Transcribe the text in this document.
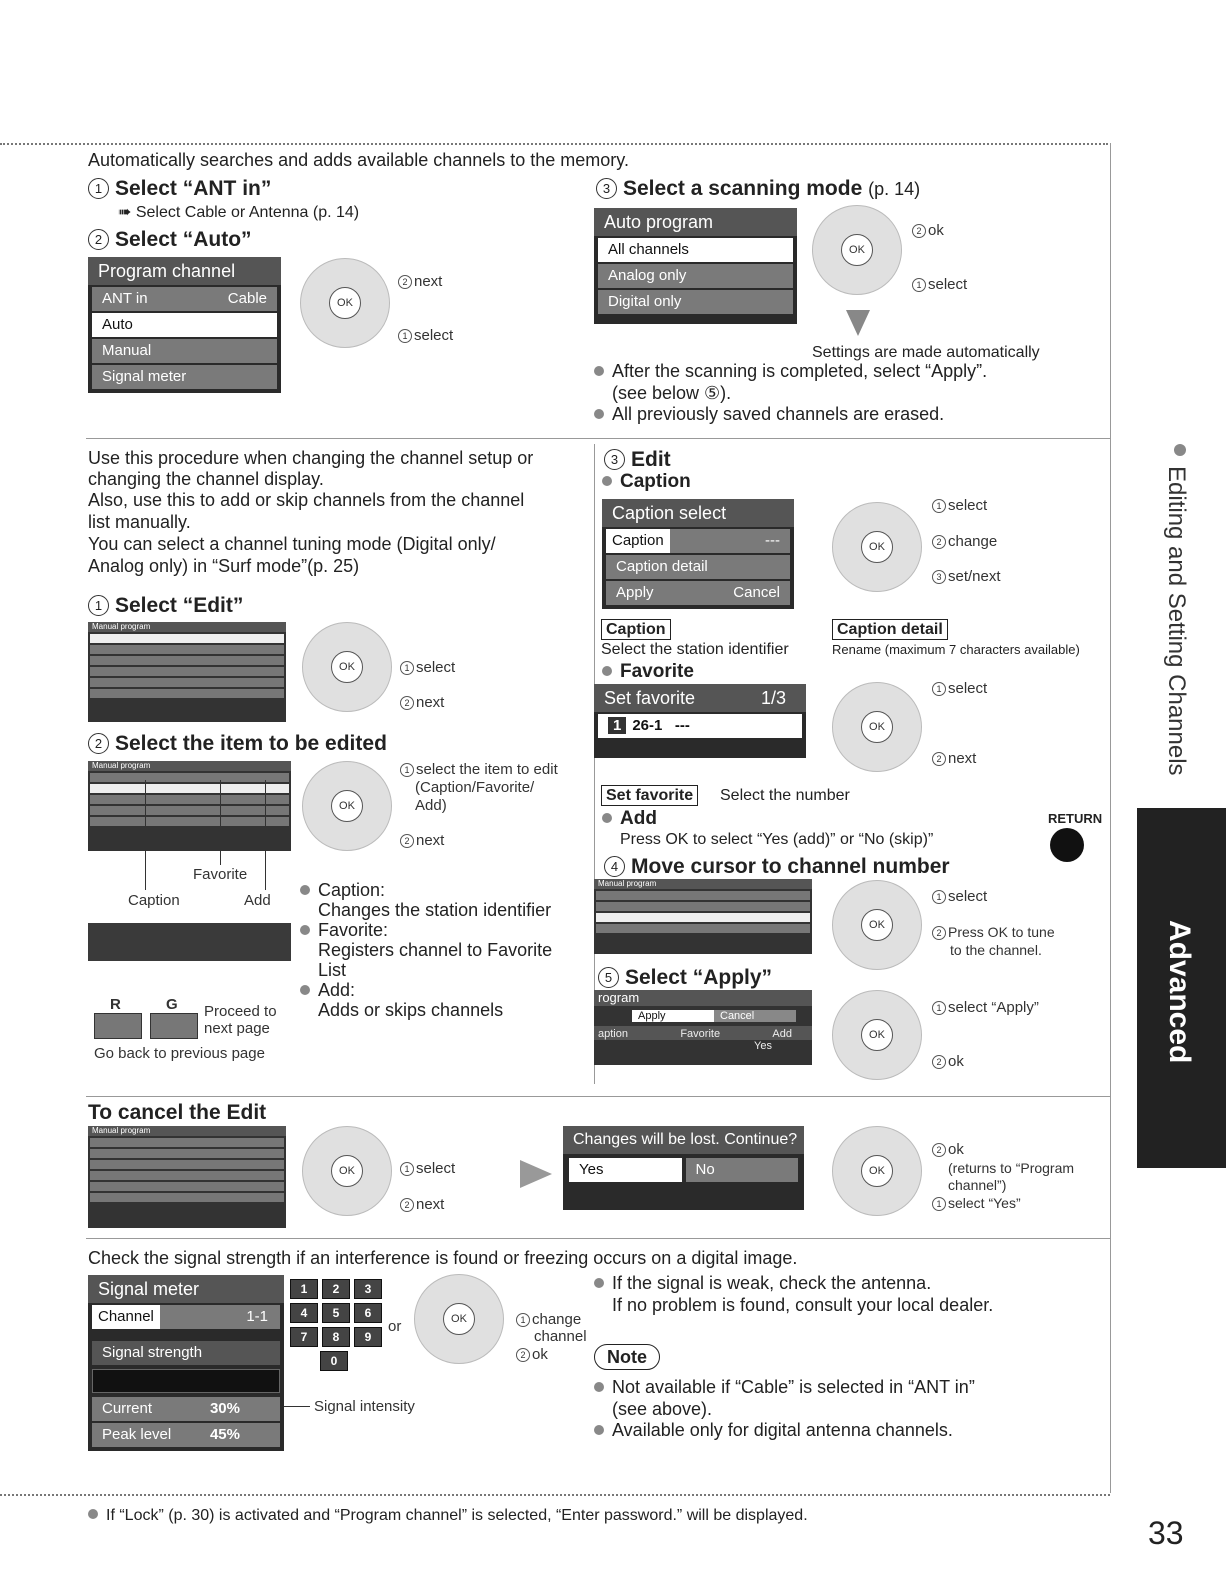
Automatically searches and adds available channels to the memory.
1 Select “ANT in”
➠ Select Cable or Antenna (p. 14)
2 Select “Auto”
Program channel
ANT in	Cable
Auto
Manual
Signal meter
OK
2 next
1 select
3 Select a scanning mode (p. 14)
Auto program
All channels
Analog only
Digital only
OK
2 ok
1 select
Settings are made automatically
After the scanning is completed, select “Apply”.
(see below ⑤).
All previously saved channels are erased.
Use this procedure when changing the channel setup or
changing the channel display.
Also, use this to add or skip channels from the channel
list manually.
You can select a channel tuning mode (Digital only/
Analog only) in “Surf mode”(p. 25)
1 Select “Edit”
Manual program
OK	1 select
2 next
2 Select the item to be edited
Manual program
OK
1 select the item to edit
(Caption/Favorite/
Add)
2 next
Favorite
Caption	Add
R	G Proceed to
next page
Go back to previous page
Caption:
Changes the station identifier
Favorite:
Registers channel to Favorite
List
Add:
Adds or skips channels
3 Edit
Caption
Caption select
Caption	---
Caption detail
Apply	Cancel
OK
1 select
2 change
3 set/next
Caption
Select the station identifier
Caption detail
Rename (maximum 7 characters available)
Favorite
Set favorite	1/3
1 26-1 ---	OK
1 select
2 next
Set favorite	Select the number
Add
Press OK to select “Yes (add)” or “No (skip)”
RETURN
4 Move cursor to channel number
Manual program
OK
1 select
2 Press OK to tune
to the channel.
5 Select “Apply”
rogram
Apply	Cancel
aption	Favorite	Add
Yes
OK
1 select “Apply”
2 ok
To cancel the Edit
Manual program
OK	1 select
2 next
Changes will be lost. Continue?
Yes	No	OK
2 ok
(returns to “Program
channel”)
1 select “Yes”
Check the signal strength if an interference is found or freezing occurs on a digital image.
Signal meter
Channel	1-1
Signal strength
Current	30%
Peak level	45%
Signal intensity
1 2 3 4 5 6 7 8 9 0
or	OK	1 change
channel
2 ok
If the signal is weak, check the antenna.
If no problem is found, consult your local dealer.
Note
Not available if “Cable” is selected in “ANT in”
(see above).
Available only for digital antenna channels.
Editing and Setting Channels
Advanced
If “Lock” (p. 30) is activated and “Program channel” is selected, “Enter password.” will be displayed.	33
